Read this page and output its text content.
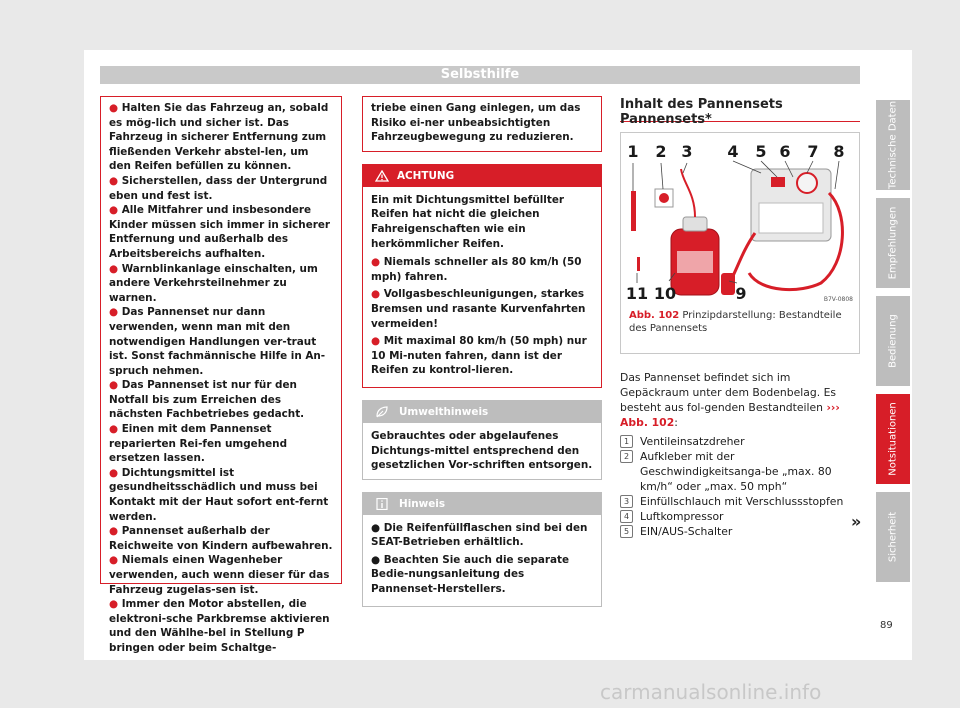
Selbsthilfe
● Halten Sie das Fahrzeug an, sobald es mög-lich und sicher ist. Das Fahrzeug in sicherer Entfernung zum fließenden Verkehr abstel-len, um den Reifen befüllen zu können.
● Sicherstellen, dass der Untergrund eben und fest ist.
● Alle Mitfahrer und insbesondere Kinder müssen sich immer in sicherer Entfernung und außerhalb des Arbeitsbereichs aufhalten.
● Warnblinkanlage einschalten, um andere Verkehrsteilnehmer zu warnen.
● Das Pannenset nur dann verwenden, wenn man mit den notwendigen Handlungen ver-traut ist. Sonst fachmännische Hilfe in An-spruch nehmen.
● Das Pannenset ist nur für den Notfall bis zum Erreichen des nächsten Fachbetriebes gedacht.
● Einen mit dem Pannenset reparierten Rei-fen umgehend ersetzen lassen.
● Dichtungsmittel ist gesundheitsschädlich und muss bei Kontakt mit der Haut sofort ent-fernt werden.
● Pannenset außerhalb der Reichweite von Kindern aufbewahren.
● Niemals einen Wagenheber verwenden, auch wenn dieser für das Fahrzeug zugelas-sen ist.
● Immer den Motor abstellen, die elektroni-sche Parkbremse aktivieren und den Wählhe-bel in Stellung P bringen oder beim Schaltge-
triebe einen Gang einlegen, um das Risiko ei-ner unbeabsichtigten Fahrzeugbewegung zu reduzieren.
ACHTUNG
Ein mit Dichtungsmittel befüllter Reifen hat nicht die gleichen Fahreigenschaften wie ein herkömmlicher Reifen.
● Niemals schneller als 80 km/h (50 mph) fahren.
● Vollgasbeschleunigungen, starkes Bremsen und rasante Kurvenfahrten vermeiden!
● Mit maximal 80 km/h (50 mph) nur 10 Mi-nuten fahren, dann ist der Reifen zu kontrol-lieren.
Umwelthinweis
Gebrauchtes oder abgelaufenes Dichtungs-mittel entsprechend den gesetzlichen Vor-schriften entsorgen.
Hinweis
● Die Reifenfüllflaschen sind bei den SEAT-Betrieben erhältlich.
● Beachten Sie auch die separate Bedie-nungsanleitung des Pannenset-Herstellers.
Inhalt des Pannensets Pannensets*
1 2 3 4 5 6 7 8
11 10	9	B7V-0808
Abb. 102 Prinzipdarstellung: Bestandteile des Pannensets
Das Pannenset befindet sich im Gepäckraum unter dem Bodenbelag. Es besteht aus fol-genden Bestandteilen ››› Abb. 102:
1	Ventileinsatzdreher
2	Aufkleber mit der Geschwindigkeitsanga-be „max. 80 km/h“ oder „max. 50 mph“
3	Einfüllschlauch mit Verschlussstopfen
4	Luftkompressor
5	EIN/AUS-Schalter
»
Technische Daten
Empfehlungen
Bedienung
Notsituationen
Sicherheit
89
carmanualsonline.info
